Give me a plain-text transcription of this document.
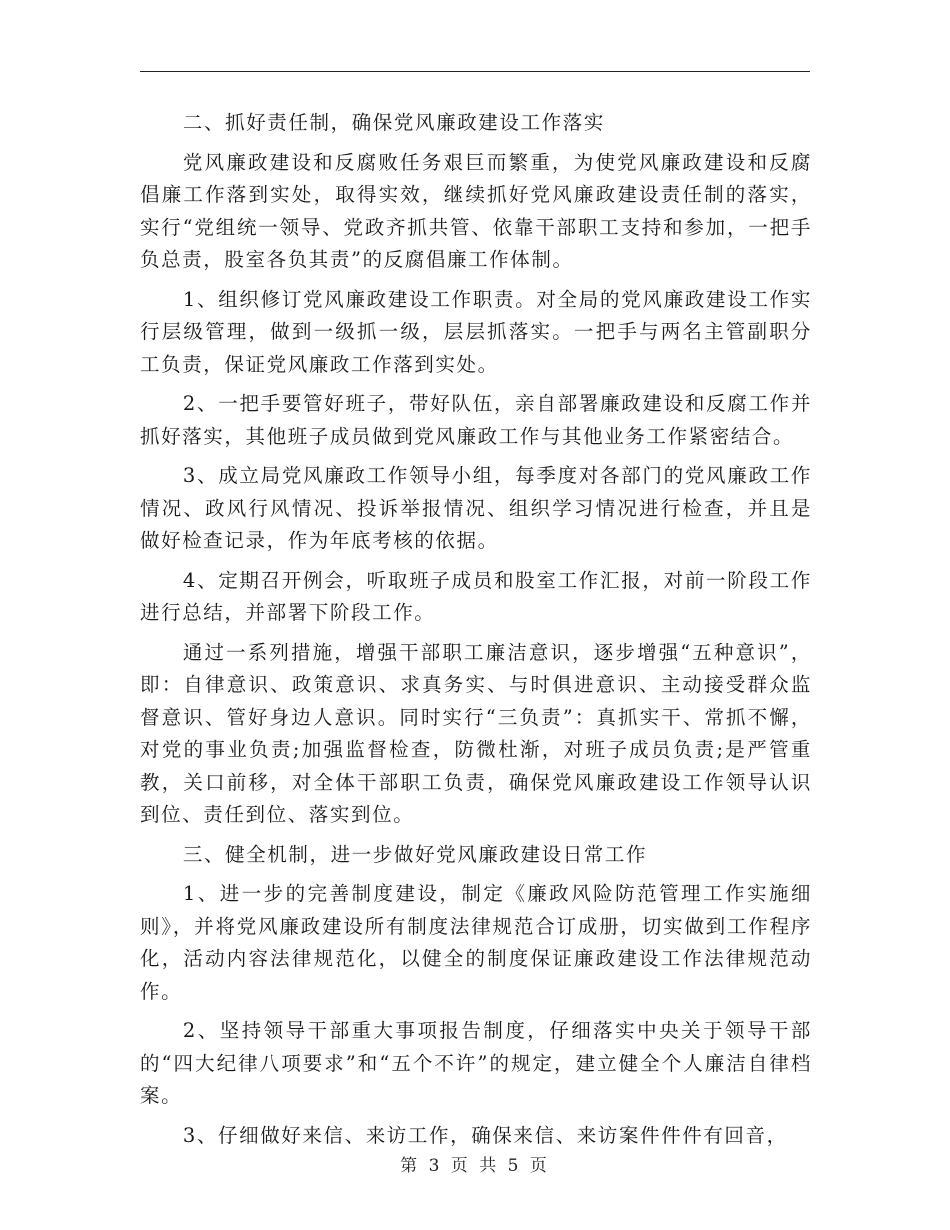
二、抓好责任制，确保党风廉政建设工作落实

党风廉政建设和反腐败任务艰巨而繁重，为使党风廉政建设和反腐倡廉工作落到实处，取得实效，继续抓好党风廉政建设责任制的落实，实行“党组统一领导、党政齐抓共管、依靠干部职工支持和参加，一把手负总责，股室各负其责”的反腐倡廉工作体制。

1、组织修订党风廉政建设工作职责。对全局的党风廉政建设工作实行层级管理，做到一级抓一级，层层抓落实。一把手与两名主管副职分工负责，保证党风廉政工作落到实处。

2、一把手要管好班子，带好队伍，亲自部署廉政建设和反腐工作并抓好落实，其他班子成员做到党风廉政工作与其他业务工作紧密结合。

3、成立局党风廉政工作领导小组，每季度对各部门的党风廉政工作情况、政风行风情况、投诉举报情况、组织学习情况进行检查，并且是做好检查记录，作为年底考核的依据。

4、定期召开例会，听取班子成员和股室工作汇报，对前一阶段工作进行总结，并部署下阶段工作。

通过一系列措施，增强干部职工廉洁意识，逐步增强“五种意识”，即：自律意识、政策意识、求真务实、与时俱进意识、主动接受群众监督意识、管好身边人意识。同时实行“三负责”：真抓实干、常抓不懈，对党的事业负责;加强监督检查，防微杜渐，对班子成员负责;是严管重教，关口前移，对全体干部职工负责，确保党风廉政建设工作领导认识到位、责任到位、落实到位。

三、健全机制，进一步做好党风廉政建设日常工作

1、进一步的完善制度建设，制定《廉政风险防范管理工作实施细则》，并将党风廉政建设所有制度法律规范合订成册，切实做到工作程序化，活动内容法律规范化，以健全的制度保证廉政建设工作法律规范动作。

2、坚持领导干部重大事项报告制度，仔细落实中央关于领导干部的“四大纪律八项要求”和“五个不许”的规定，建立健全个人廉洁自律档案。

3、仔细做好来信、来访工作，确保来信、来访案件件件有回音，

第 3 页 共 5 页
